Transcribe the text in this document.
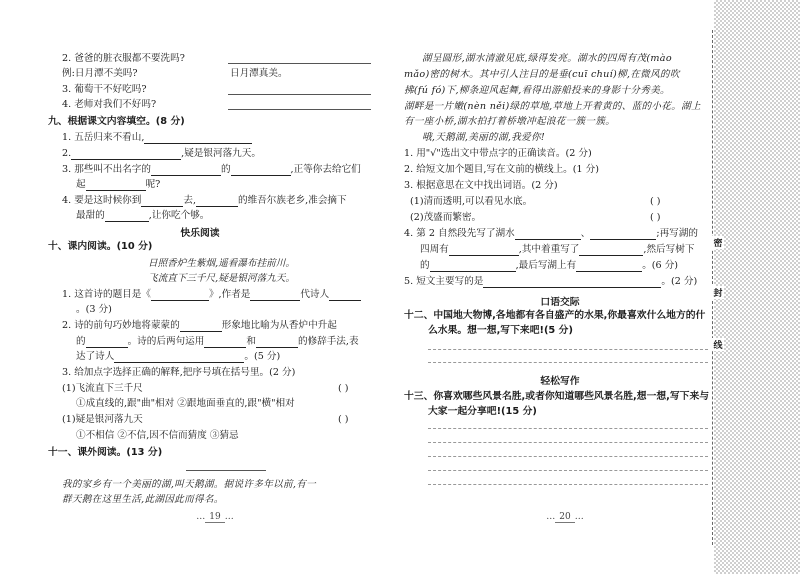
2. 爸爸的脏衣服都不要洗吗?
例:日月潭不美吗?	日月潭真美。
3. 葡萄干不好吃吗?
4. 老师对我们不好吗?
九、根据课文内容填空。(8 分)
1. 五岳归来不看山,
2.	,疑是银河落九天。
3. 那些叫不出名字的	的	,正等你去给它们
起	呢?
4. 要是这时候你到	去,	的维吾尔族老乡,准会摘下
最甜的	,让你吃个够。
快乐阅读
十、课内阅读。(10 分)
日照香炉生紫烟,遥看瀑布挂前川。
飞流直下三千尺,疑是银河落九天。
1. 这首诗的题目是《	》,作者是	代诗人
。(3 分)
2. 诗的前句巧妙地将蒙蒙的	形象地比喻为从香炉中升起
的	。诗的后两句运用	和	的修辞手法,表
达了诗人	。(5 分)
3. 给加点字选择正确的解释,把序号填在括号里。(2 分)
(1)飞流直下三千尺	( )
①成直线的,跟"曲"相对 ②跟地面垂直的,跟"横"相对
(1)疑是银河落九天	( )
①不相信 ②不信,因不信而猜度 ③猜忌
十一、课外阅读。(13 分)
我的家乡有一个美丽的湖,叫天鹅湖。据说许多年以前,有一
群天鹅在这里生活,此湖因此而得名。
… 19 …
湖呈圆形,湖水清澈见底,绿得发亮。湖水的四周有茂(mào
mǎo)密的树木。其中引人注目的是垂(cuī chuí)柳,在微风的吹
拂(fú fó)下,柳条迎风起舞,看得出游船投来的身影十分秀美。
湖畔是一片嫩(nèn něi)绿的草地,草地上开着黄的、蓝的小花。湖上
有一座小桥,湖水拍打着桥墩冲起浪花一簇一簇。
哦,天鹅湖,美丽的湖,我爱你!
1. 用"√"选出文中带点字的正确读音。(2 分)
2. 给短文加个题目,写在文前的横线上。(1 分)
3. 根据意思在文中找出词语。(2 分)
(1)清而透明,可以看见水底。	( )
(2)茂盛而繁密。	( )
4. 第 2 自然段先写了湖水	、	;再写湖的
四周有	,其中着重写了	,然后写树下
的	,最后写湖上有	。(6 分)
5. 短文主要写的是	。(2 分)
口语交际
十二、中国地大物博,各地都有各自盛产的水果,你最喜欢什么地方的什
么水果。想一想,写下来吧!(5 分)
轻松写作
十三、你喜欢哪些风景名胜,或者你知道哪些风景名胜,想一想,写下来与
大家一起分享吧!(15 分)
… 20 …
密
封
线
